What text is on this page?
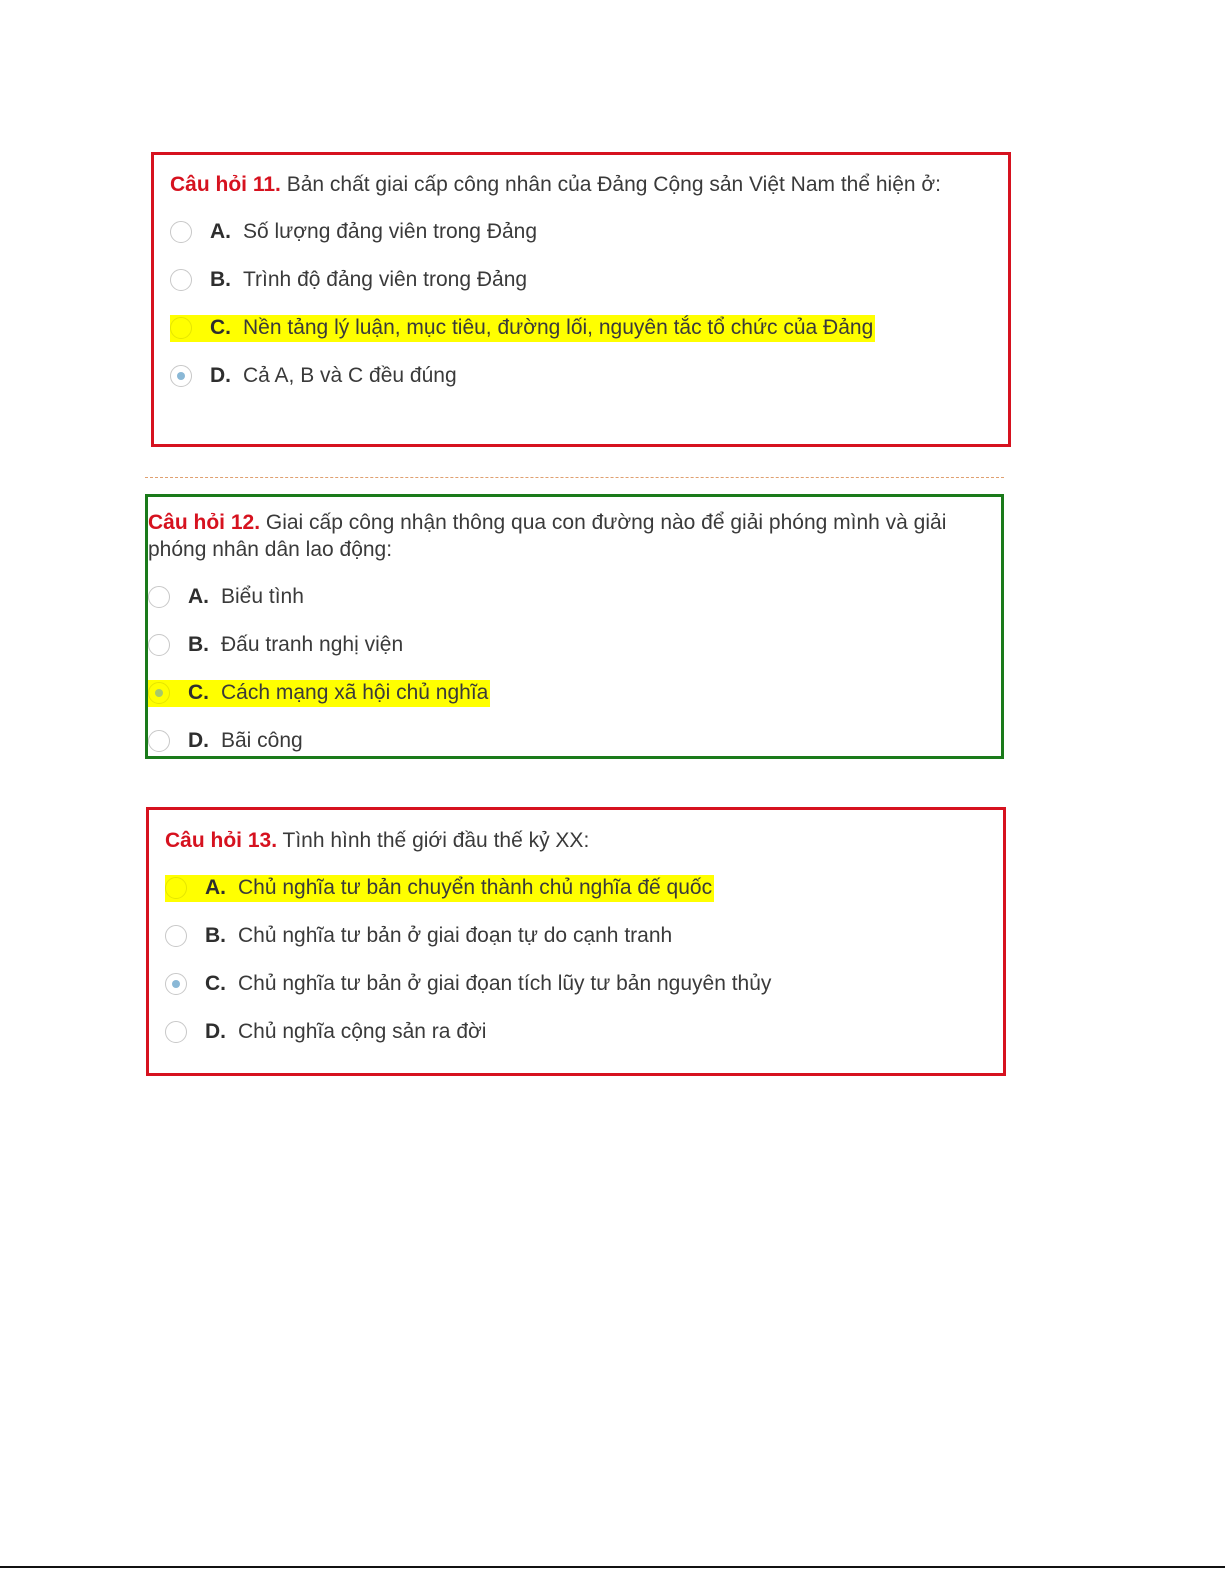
Câu hỏi 11. Bản chất giai cấp công nhân của Đảng Cộng sản Việt Nam thể hiện ở:

A. Số lượng đảng viên trong Đảng
B. Trình độ đảng viên trong Đảng
C. Nền tảng lý luận, mục tiêu, đường lối, nguyên tắc tổ chức của Đảng
D. Cả A, B và C đều đúng

Câu hỏi 12. Giai cấp công nhận thông qua con đường nào để giải phóng mình và giải phóng nhân dân lao động:

A. Biểu tình
B. Đấu tranh nghị viện
C. Cách mạng xã hội chủ nghĩa
D. Bãi công

Câu hỏi 13. Tình hình thế giới đầu thế kỷ XX:

A. Chủ nghĩa tư bản chuyển thành chủ nghĩa đế quốc
B. Chủ nghĩa tư bản ở giai đoạn tự do cạnh tranh
C. Chủ nghĩa tư bản ở giai đọan tích lũy tư bản nguyên thủy
D. Chủ nghĩa cộng sản ra đời
